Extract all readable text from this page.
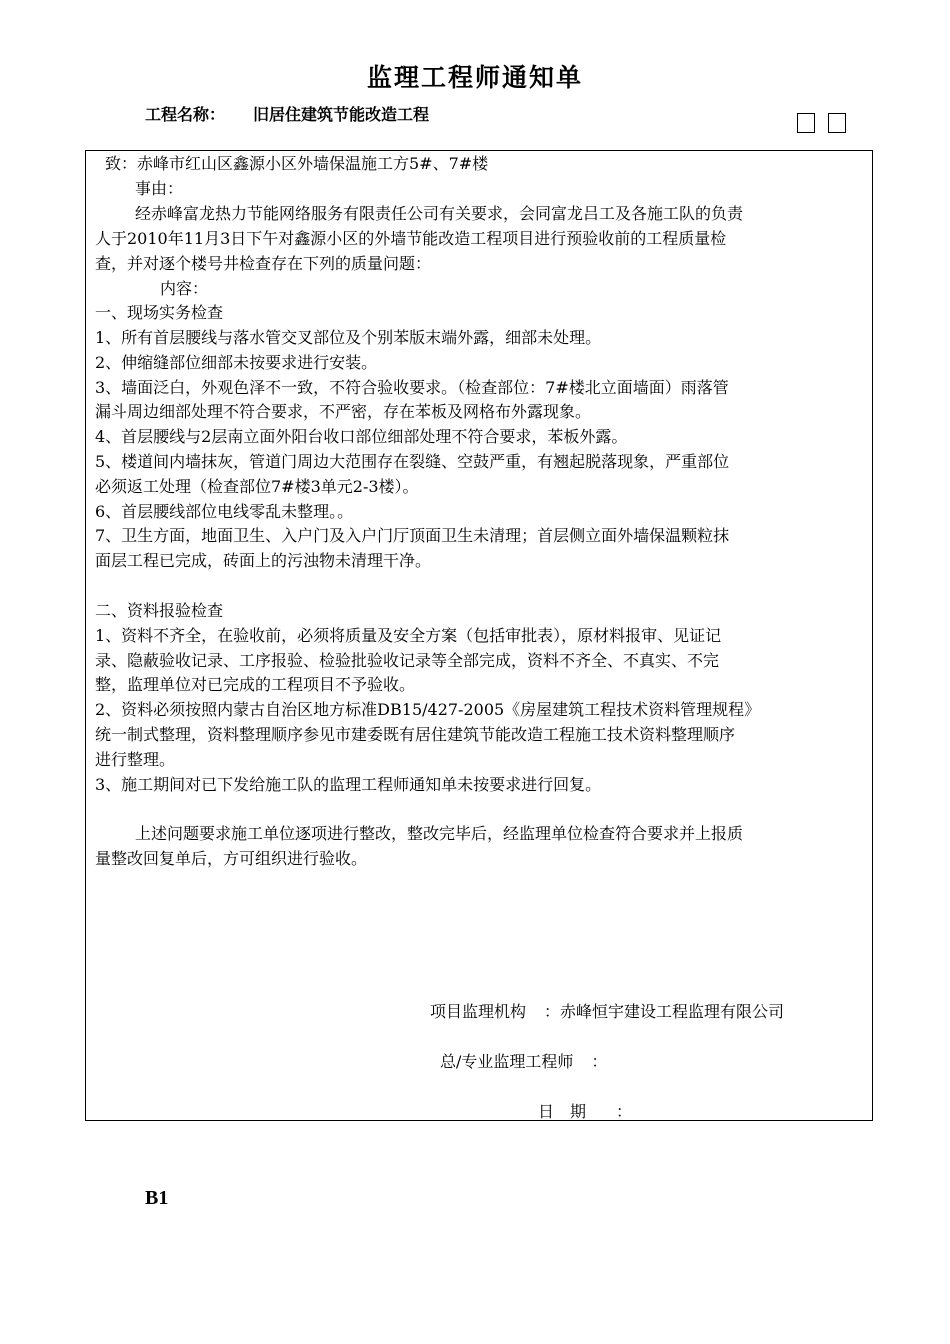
监理工程师通知单
工程名称： 旧居住建筑节能改造工程
致：赤峰市红山区鑫源小区外墙保温施工方5#、7#楼
事由：
经赤峰富龙热力节能网络服务有限责任公司有关要求，会同富龙吕工及各施工队的负责
人于2010年11月3日下午对鑫源小区的外墙节能改造工程项目进行预验收前的工程质量检
查，并对逐个楼号井检查存在下列的质量问题：
内容：
一、现场实务检查
1、所有首层腰线与落水管交叉部位及个别苯版末端外露，细部未处理。
2、伸缩缝部位细部未按要求进行安装。
3、墙面泛白，外观色泽不一致，不符合验收要求。（检查部位：7#楼北立面墙面）雨落管
漏斗周边细部处理不符合要求，不严密，存在苯板及网格布外露现象。
4、首层腰线与2层南立面外阳台收口部位细部处理不符合要求，苯板外露。
5、楼道间内墙抹灰，管道门周边大范围存在裂缝、空鼓严重，有翘起脱落现象，严重部位
必须返工处理（检查部位7#楼3单元2-3楼）。
6、首层腰线部位电线零乱未整理。。
7、卫生方面，地面卫生、入户门及入户门厅顶面卫生未清理；首层侧立面外墙保温颗粒抹
面层工程已完成，砖面上的污浊物未清理干净。
二、资料报验检查
1、资料不齐全，在验收前，必须将质量及安全方案（包括审批表），原材料报审、见证记
录、隐蔽验收记录、工序报验、检验批验收记录等全部完成，资料不齐全、不真实、不完
整，监理单位对已完成的工程项目不予验收。
2、资料必须按照内蒙古自治区地方标准DB15/427-2005《房屋建筑工程技术资料管理规程》
统一制式整理，资料整理顺序参见市建委既有居住建筑节能改造工程施工技术资料整理顺序
进行整理。
3、施工期间对已下发给施工队的监理工程师通知单未按要求进行回复。
上述问题要求施工单位逐项进行整改，整改完毕后，经监理单位检查符合要求并上报质
量整改回复单后，方可组织进行验收。
项目监理机构 ：赤峰恒宇建设工程监理有限公司
总/专业监理工程师 ：
日　期 ：
B1
